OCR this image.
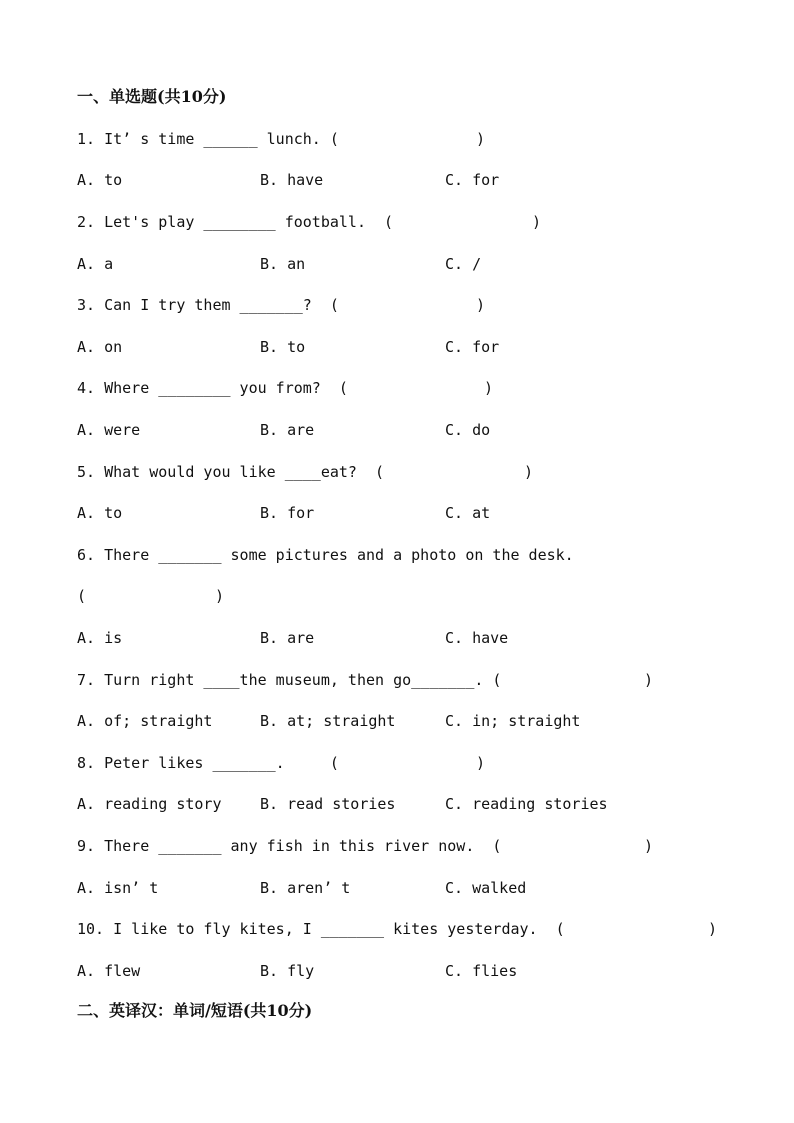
一、单选题(共10分)
1. It’ s time ______ lunch. (	)
A. to	B. have	C. for
2. Let's play ________ football.  (	)
A. a	B. an	C. /
3. Can I try them _______?  (	)
A. on	B. to	C. for
4. Where ________ you from?  (	)
A. were	B. are	C. do
5. What would you like ____eat?  (	)
A. to	B. for	C. at
6. There _______ some pictures and a photo on the desk.
(	)
A. is	B. are	C. have
7. Turn right ____the museum, then go_______. (	)
A. of; straight	B. at; straight	C. in; straight
8. Peter likes _______.     (	)
A. reading story	B. read stories	C. reading stories
9. There _______ any fish in this river now.  (	)
A. isn’ t	B. aren’ t	C. walked
10. I like to fly kites, I _______ kites yesterday.  (	)
A. flew	B. fly	C. flies
二、英译汉：单词/短语(共10分)
